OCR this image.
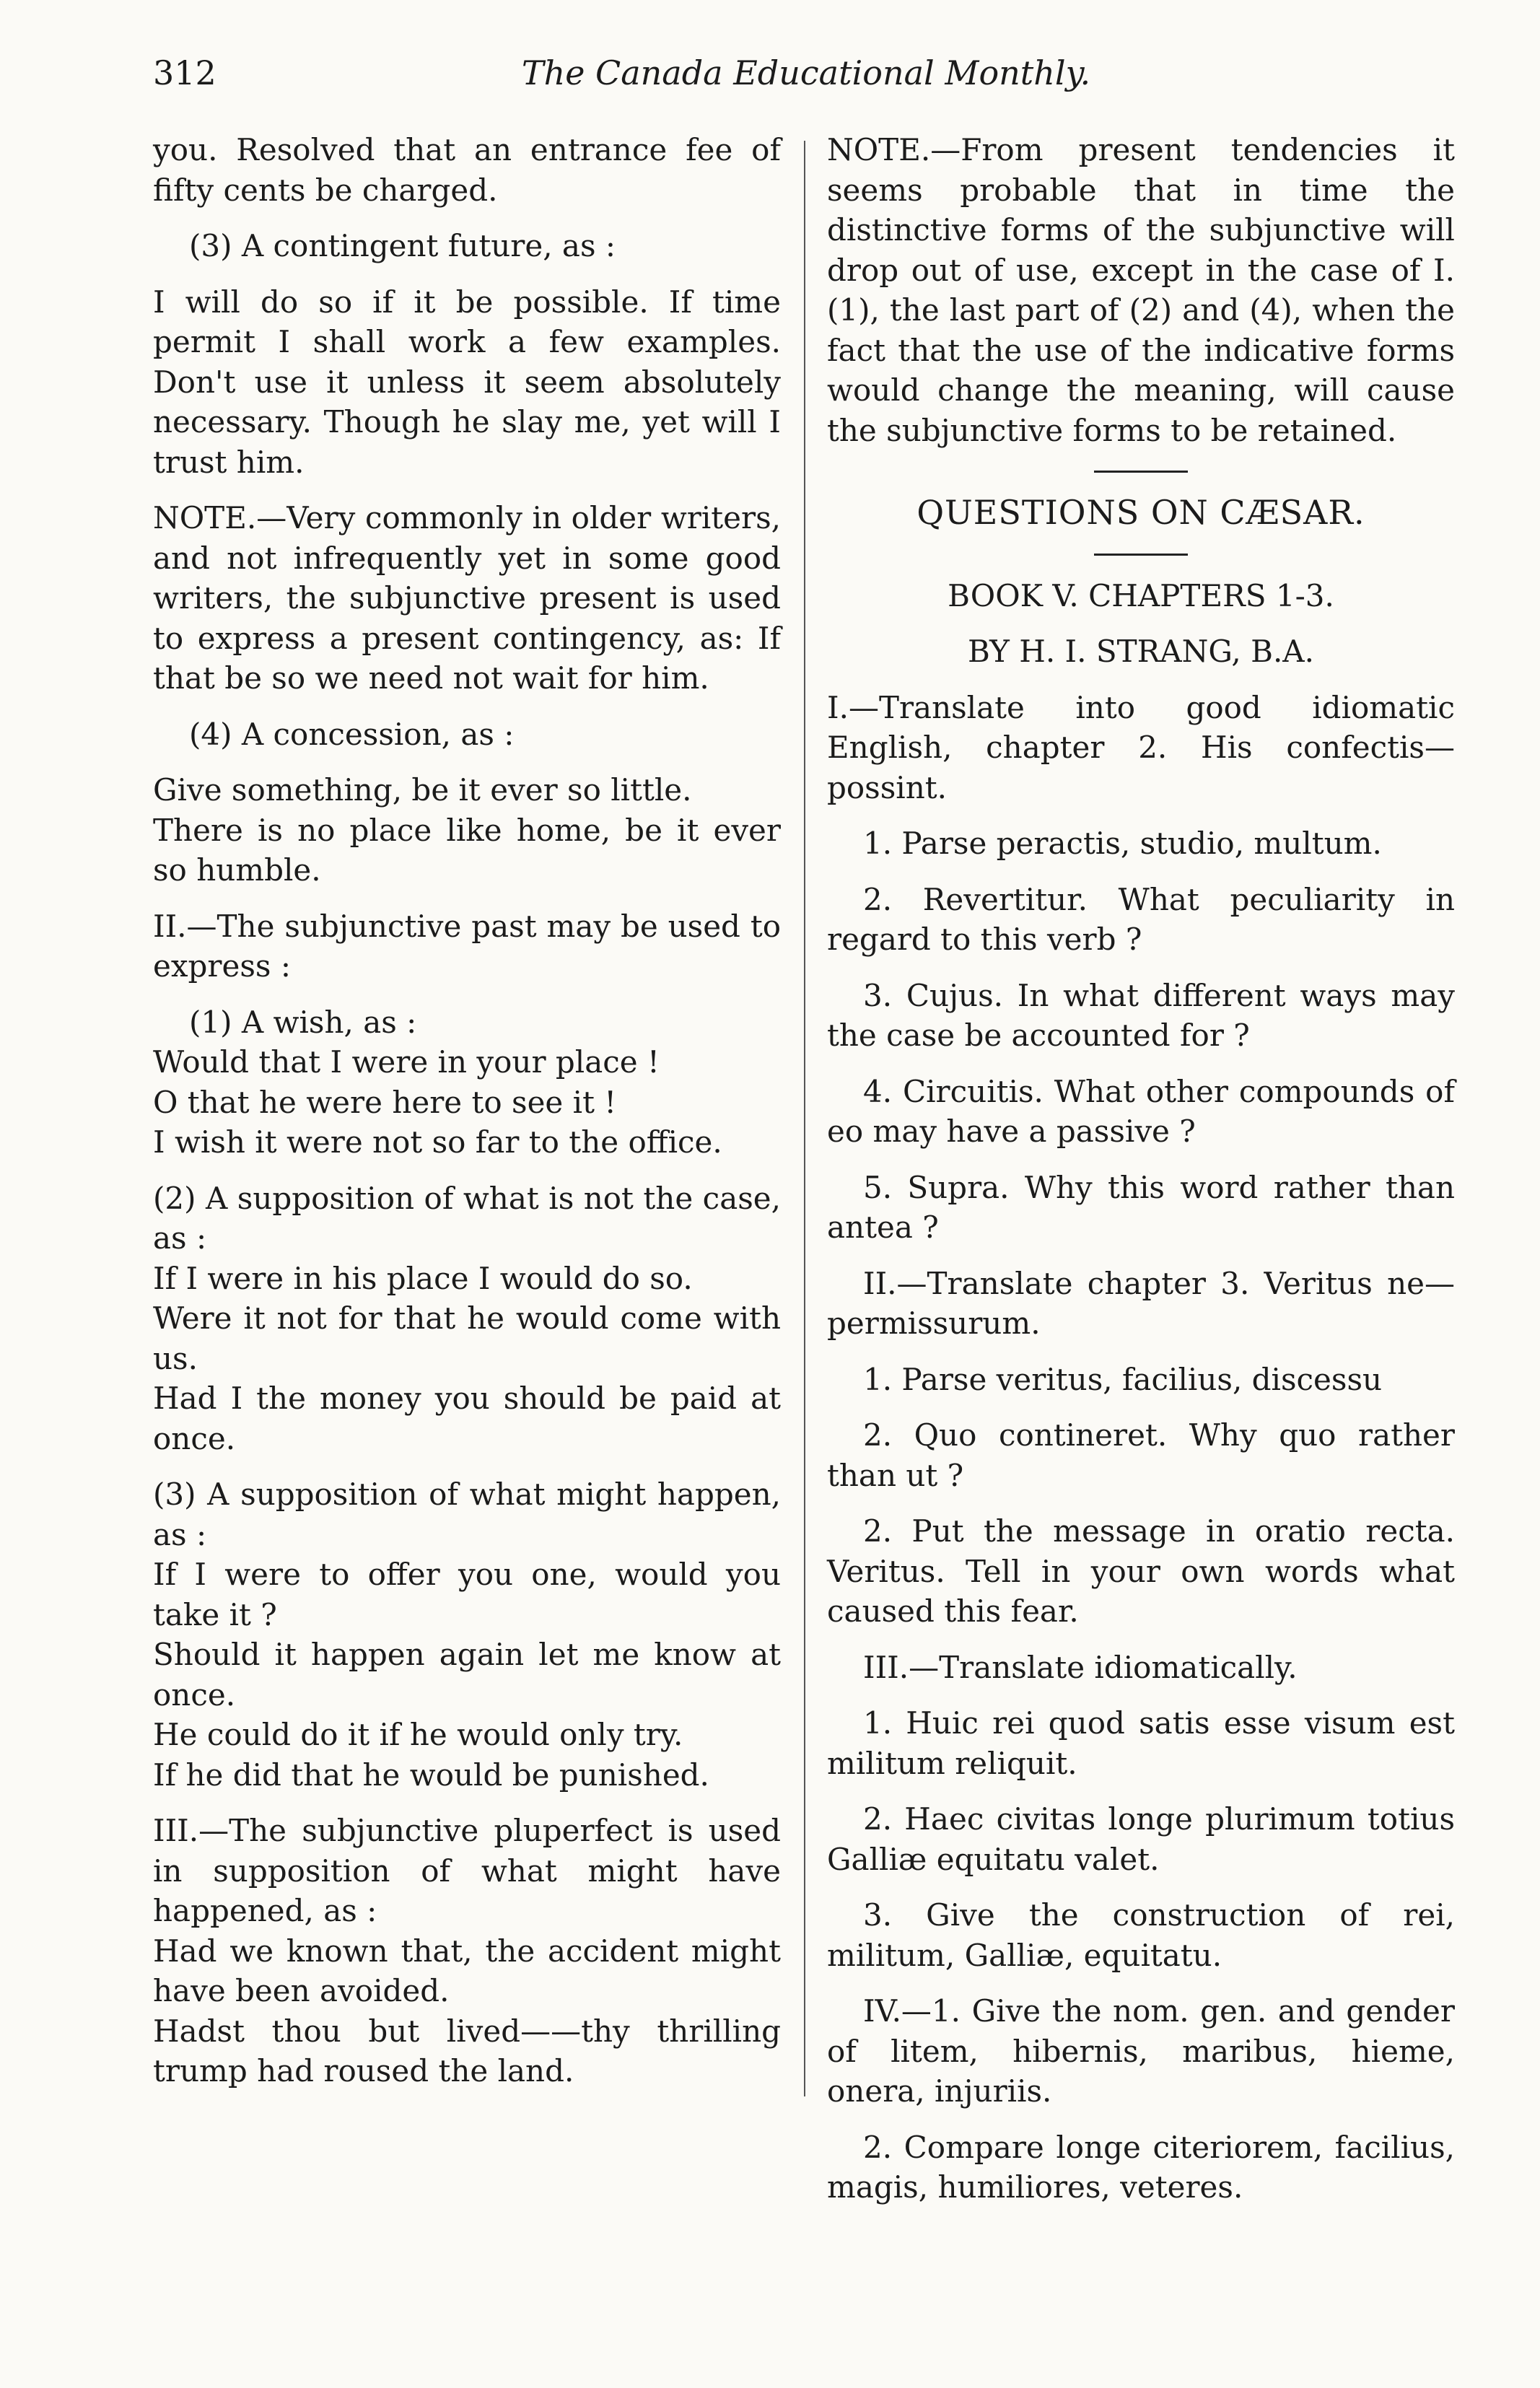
312	The Canada Educational Monthly.

you. Resolved that an entrance fee of fifty cents be charged.

(3) A contingent future, as :

I will do so if it be possible. If time permit I shall work a few examples. Don't use it unless it seem absolutely necessary. Though he slay me, yet will I trust him.

NOTE.—Very commonly in older writers, and not infrequently yet in some good writers, the subjunctive present is used to express a present contingency, as: If that be so we need not wait for him.

(4) A concession, as :

Give something, be it ever so little.

There is no place like home, be it ever so humble.

II.—The subjunctive past may be used to express :

(1) A wish, as :

Would that I were in your place !

O that he were here to see it !

I wish it were not so far to the office.

(2) A supposition of what is not the case, as :

If I were in his place I would do so.

Were it not for that he would come with us.

Had I the money you should be paid at once.

(3) A supposition of what might happen, as :

If I were to offer you one, would you take it ?

Should it happen again let me know at once.

He could do it if he would only try.

If he did that he would be punished.

III.—The subjunctive pluperfect is used in supposition of what might have happened, as :

Had we known that, the accident might have been avoided.

Hadst thou but lived——thy thrilling trump had roused the land.

NOTE.—From present tendencies it seems probable that in time the distinctive forms of the subjunctive will drop out of use, except in the case of I. (1), the last part of (2) and (4), when the fact that the use of the indicative forms would change the meaning, will cause the subjunctive forms to be retained.

QUESTIONS ON CÆSAR.

BOOK V. CHAPTERS 1-3.

BY H. I. STRANG, B.A.

I.—Translate into good idiomatic English, chapter 2. His confectis—possint.

1. Parse peractis, studio, multum.

2. Revertitur. What peculiarity in regard to this verb ?

3. Cujus. In what different ways may the case be accounted for ?

4. Circuitis. What other compounds of eo may have a passive ?

5. Supra. Why this word rather than antea ?

II.—Translate chapter 3. Veritus ne—permissurum.

1. Parse veritus, facilius, discessu

2. Quo contineret. Why quo rather than ut ?

2. Put the message in oratio recta. Veritus. Tell in your own words what caused this fear.

III.—Translate idiomatically.

1. Huic rei quod satis esse visum est militum reliquit.

2. Haec civitas longe plurimum totius Galliæ equitatu valet.

3. Give the construction of rei, militum, Galliæ, equitatu.

IV.—1. Give the nom. gen. and gender of litem, hibernis, maribus, hieme, onera, injuriis.

2. Compare longe citeriorem, facilius, magis, humiliores, veteres.
